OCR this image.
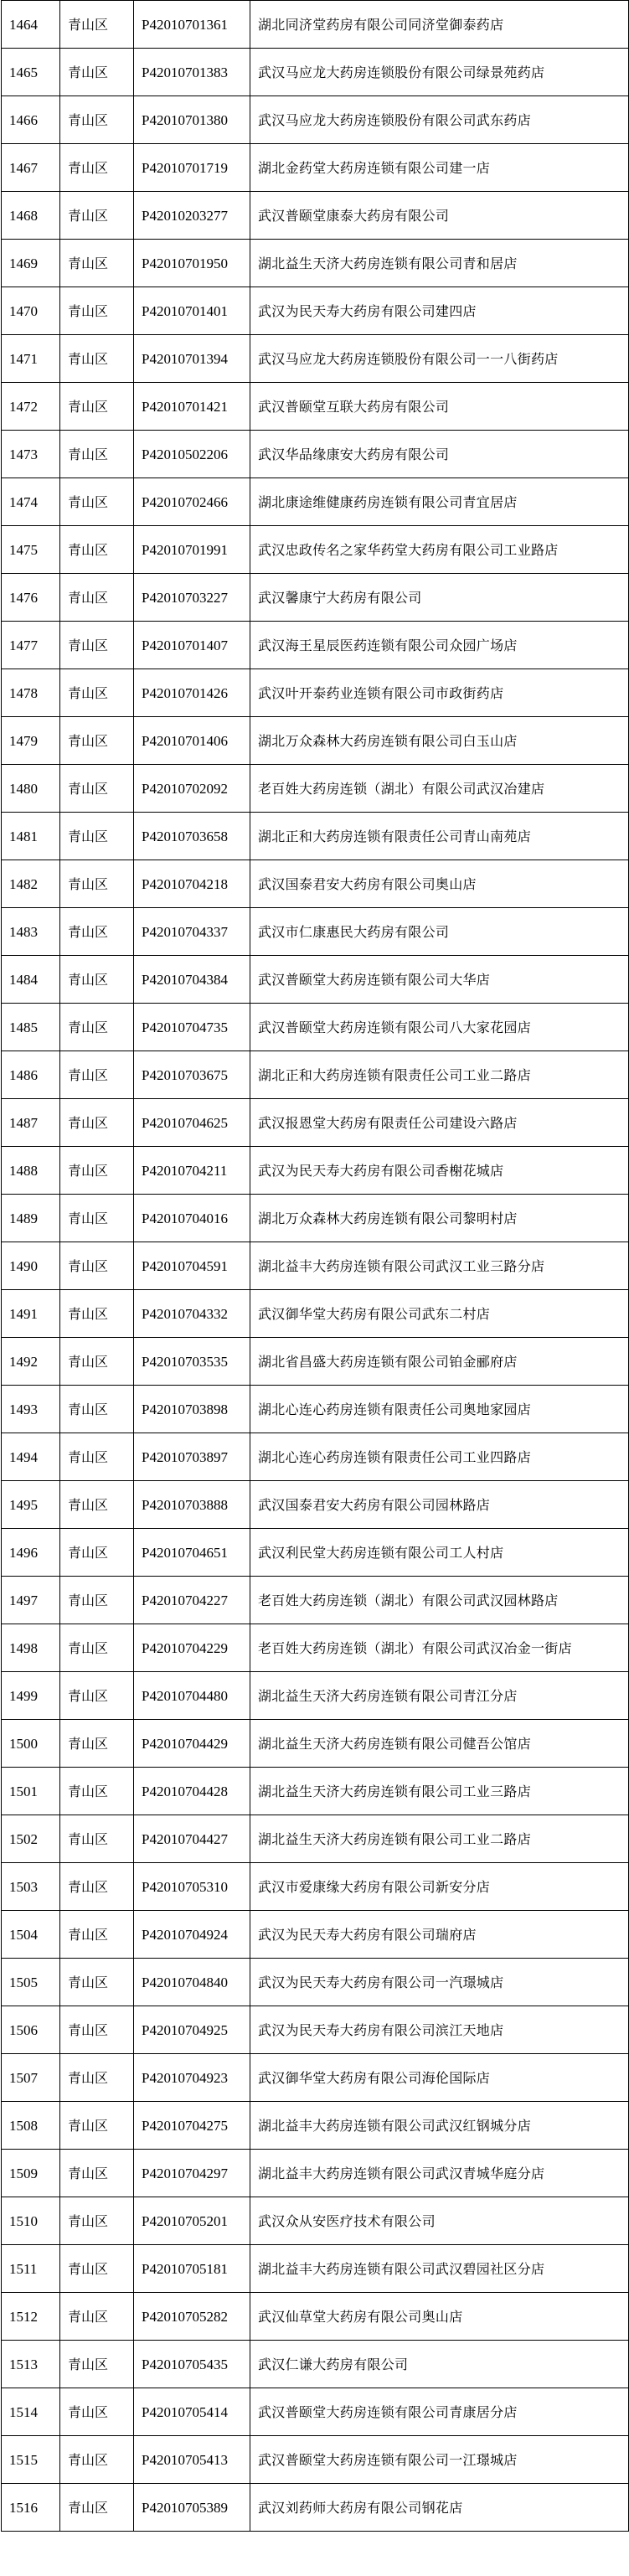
1464	青山区	P42010701361	湖北同济堂药房有限公司同济堂御泰药店
1465	青山区	P42010701383	武汉马应龙大药房连锁股份有限公司绿景苑药店
1466	青山区	P42010701380	武汉马应龙大药房连锁股份有限公司武东药店
1467	青山区	P42010701719	湖北金药堂大药房连锁有限公司建一店
1468	青山区	P42010203277	武汉普颐堂康泰大药房有限公司
1469	青山区	P42010701950	湖北益生天济大药房连锁有限公司青和居店
1470	青山区	P42010701401	武汉为民天寿大药房有限公司建四店
1471	青山区	P42010701394	武汉马应龙大药房连锁股份有限公司一一八街药店
1472	青山区	P42010701421	武汉普颐堂互联大药房有限公司
1473	青山区	P42010502206	武汉华品缘康安大药房有限公司
1474	青山区	P42010702466	湖北康途维健康药房连锁有限公司青宜居店
1475	青山区	P42010701991	武汉忠政传名之家华药堂大药房有限公司工业路店
1476	青山区	P42010703227	武汉馨康宁大药房有限公司
1477	青山区	P42010701407	武汉海王星辰医药连锁有限公司众园广场店
1478	青山区	P42010701426	武汉叶开泰药业连锁有限公司市政街药店
1479	青山区	P42010701406	湖北万众森林大药房连锁有限公司白玉山店
1480	青山区	P42010702092	老百姓大药房连锁（湖北）有限公司武汉冶建店
1481	青山区	P42010703658	湖北正和大药房连锁有限责任公司青山南苑店
1482	青山区	P42010704218	武汉国泰君安大药房有限公司奥山店
1483	青山区	P42010704337	武汉市仁康惠民大药房有限公司
1484	青山区	P42010704384	武汉普颐堂大药房连锁有限公司大华店
1485	青山区	P42010704735	武汉普颐堂大药房连锁有限公司八大家花园店
1486	青山区	P42010703675	湖北正和大药房连锁有限责任公司工业二路店
1487	青山区	P42010704625	武汉报恩堂大药房有限责任公司建设六路店
1488	青山区	P42010704211	武汉为民天寿大药房有限公司香榭花城店
1489	青山区	P42010704016	湖北万众森林大药房连锁有限公司黎明村店
1490	青山区	P42010704591	湖北益丰大药房连锁有限公司武汉工业三路分店
1491	青山区	P42010704332	武汉御华堂大药房有限公司武东二村店
1492	青山区	P42010703535	湖北省昌盛大药房连锁有限公司铂金郦府店
1493	青山区	P42010703898	湖北心连心药房连锁有限责任公司奥地家园店
1494	青山区	P42010703897	湖北心连心药房连锁有限责任公司工业四路店
1495	青山区	P42010703888	武汉国泰君安大药房有限公司园林路店
1496	青山区	P42010704651	武汉利民堂大药房连锁有限公司工人村店
1497	青山区	P42010704227	老百姓大药房连锁（湖北）有限公司武汉园林路店
1498	青山区	P42010704229	老百姓大药房连锁（湖北）有限公司武汉冶金一街店
1499	青山区	P42010704480	湖北益生天济大药房连锁有限公司青江分店
1500	青山区	P42010704429	湖北益生天济大药房连锁有限公司健吾公馆店
1501	青山区	P42010704428	湖北益生天济大药房连锁有限公司工业三路店
1502	青山区	P42010704427	湖北益生天济大药房连锁有限公司工业二路店
1503	青山区	P42010705310	武汉市爱康缘大药房有限公司新安分店
1504	青山区	P42010704924	武汉为民天寿大药房有限公司瑞府店
1505	青山区	P42010704840	武汉为民天寿大药房有限公司一汽璟城店
1506	青山区	P42010704925	武汉为民天寿大药房有限公司滨江天地店
1507	青山区	P42010704923	武汉御华堂大药房有限公司海伦国际店
1508	青山区	P42010704275	湖北益丰大药房连锁有限公司武汉红钢城分店
1509	青山区	P42010704297	湖北益丰大药房连锁有限公司武汉青城华庭分店
1510	青山区	P42010705201	武汉众从安医疗技术有限公司
1511	青山区	P42010705181	湖北益丰大药房连锁有限公司武汉碧园社区分店
1512	青山区	P42010705282	武汉仙草堂大药房有限公司奥山店
1513	青山区	P42010705435	武汉仁谦大药房有限公司
1514	青山区	P42010705414	武汉普颐堂大药房连锁有限公司青康居分店
1515	青山区	P42010705413	武汉普颐堂大药房连锁有限公司一江璟城店
1516	青山区	P42010705389	武汉刘药师大药房有限公司钢花店
